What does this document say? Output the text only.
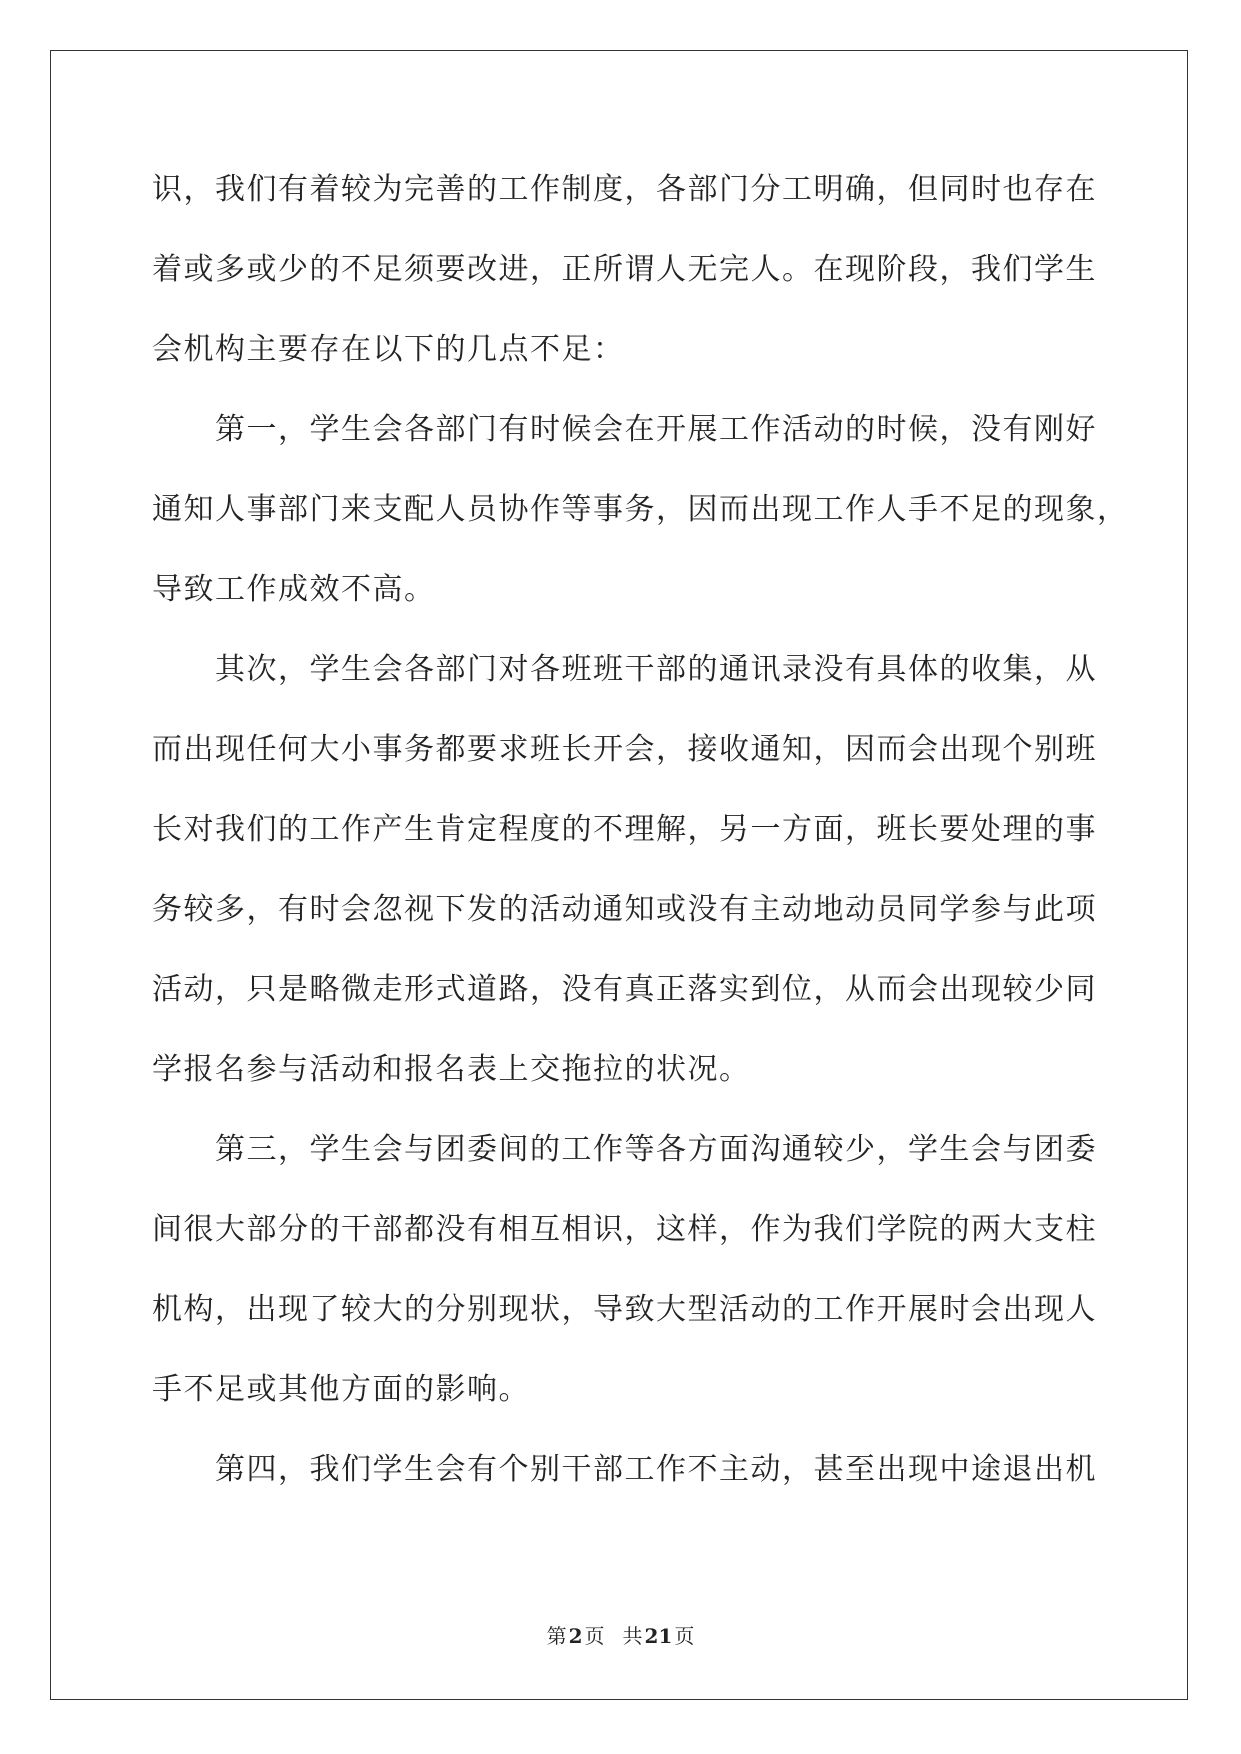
识，我们有着较为完善的工作制度，各部门分工明确，但同时也存在
着或多或少的不足须要改进，正所谓人无完人。在现阶段，我们学生
会机构主要存在以下的几点不足：
　　第一，学生会各部门有时候会在开展工作活动的时候，没有刚好
通知人事部门来支配人员协作等事务，因而出现工作人手不足的现象，
导致工作成效不高。
　　其次，学生会各部门对各班班干部的通讯录没有具体的收集，从
而出现任何大小事务都要求班长开会，接收通知，因而会出现个别班
长对我们的工作产生肯定程度的不理解，另一方面，班长要处理的事
务较多，有时会忽视下发的活动通知或没有主动地动员同学参与此项
活动，只是略微走形式道路，没有真正落实到位，从而会出现较少同
学报名参与活动和报名表上交拖拉的状况。
　　第三，学生会与团委间的工作等各方面沟通较少，学生会与团委
间很大部分的干部都没有相互相识，这样，作为我们学院的两大支柱
机构，出现了较大的分别现状，导致大型活动的工作开展时会出现人
手不足或其他方面的影响。
　　第四，我们学生会有个别干部工作不主动，甚至出现中途退出机
第 2 页 共 21 页
